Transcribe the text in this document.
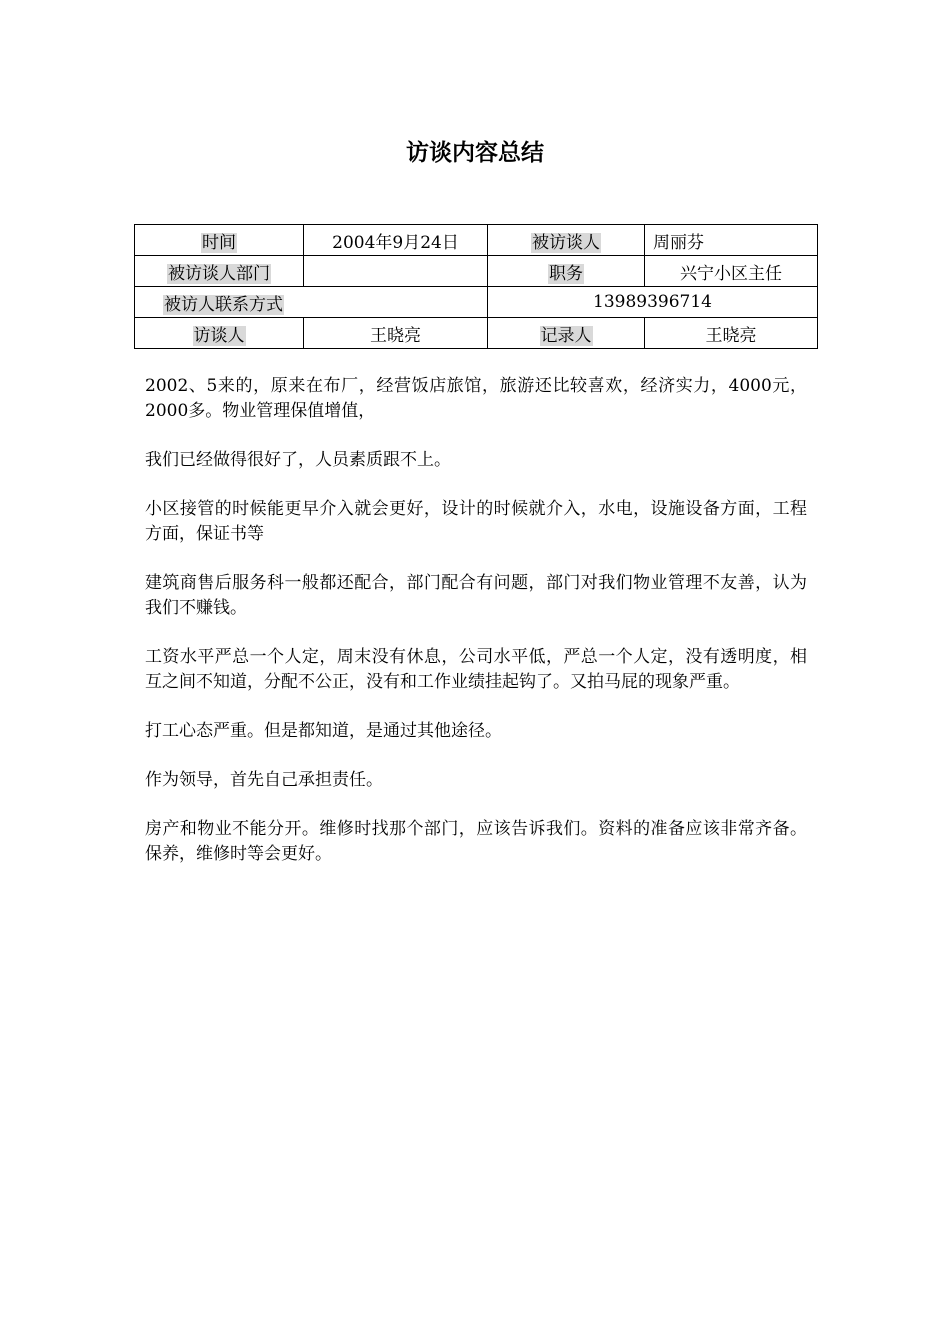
访谈内容总结
时间	2004年9月24日	被访谈人	周丽芬
被访谈人部门		职务	兴宁小区主任
被访人联系方式		13989396714	
访谈人	王晓亮	记录人	王晓亮

2002、5来的，原来在布厂，经营饭店旅馆，旅游还比较喜欢，经济实力，4000元，2000多。物业管理保值增值，

我们已经做得很好了，人员素质跟不上。

小区接管的时候能更早介入就会更好，设计的时候就介入，水电，设施设备方面，工程方面，保证书等

建筑商售后服务科一般都还配合，部门配合有问题，部门对我们物业管理不友善，认为我们不赚钱。

工资水平严总一个人定，周末没有休息，公司水平低，严总一个人定，没有透明度，相互之间不知道，分配不公正，没有和工作业绩挂起钩了。又拍马屁的现象严重。

打工心态严重。但是都知道，是通过其他途径。

作为领导，首先自己承担责任。

房产和物业不能分开。维修时找那个部门，应该告诉我们。资料的准备应该非常齐备。保养，维修时等会更好。
